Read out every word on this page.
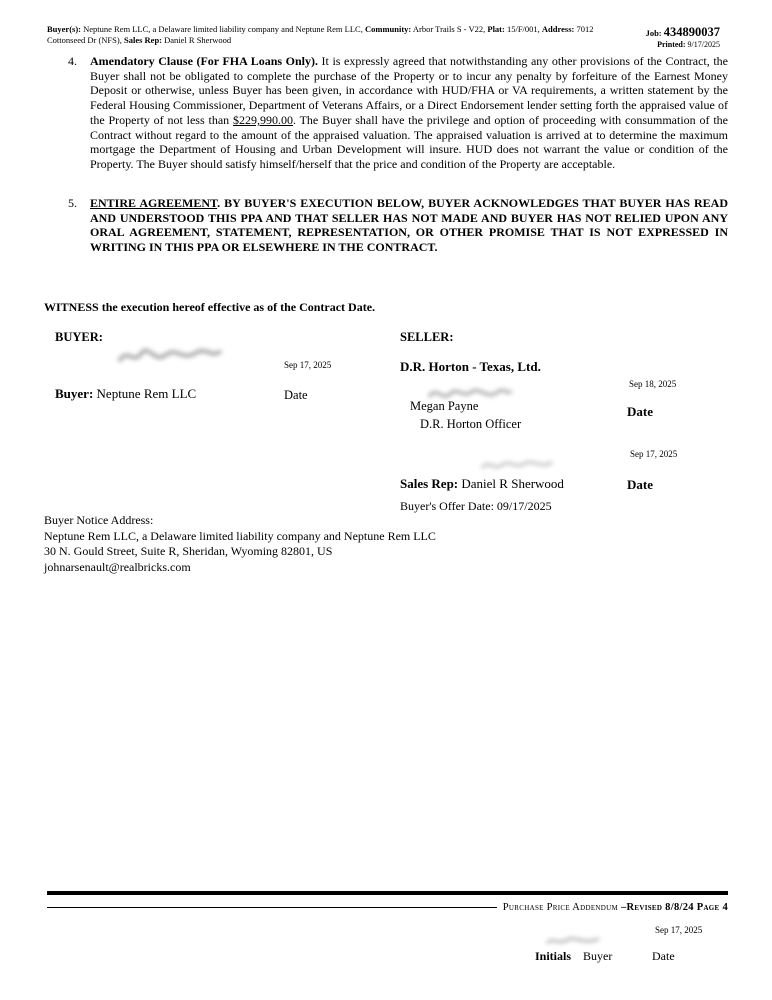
Buyer(s): Neptune Rem LLC, a Delaware limited liability company and Neptune Rem LLC, Community: Arbor Trails S - V22, Plat: 15/F/001, Address: 7012 Cottonseed Dr (NFS), Sales Rep: Daniel R Sherwood
Job: 434890037
Printed: 9/17/2025
4.	Amendatory Clause (For FHA Loans Only). It is expressly agreed that notwithstanding any other provisions of the Contract, the Buyer shall not be obligated to complete the purchase of the Property or to incur any penalty by forfeiture of the Earnest Money Deposit or otherwise, unless Buyer has been given, in accordance with HUD/FHA or VA requirements, a written statement by the Federal Housing Commissioner, Department of Veterans Affairs, or a Direct Endorsement lender setting forth the appraised value of the Property of not less than $229,990.00. The Buyer shall have the privilege and option of proceeding with consummation of the Contract without regard to the amount of the appraised valuation. The appraised valuation is arrived at to determine the maximum mortgage the Department of Housing and Urban Development will insure. HUD does not warrant the value or condition of the Property. The Buyer should satisfy himself/herself that the price and condition of the Property are acceptable.
5.	ENTIRE AGREEMENT. BY BUYER'S EXECUTION BELOW, BUYER ACKNOWLEDGES THAT BUYER HAS READ AND UNDERSTOOD THIS PPA AND THAT SELLER HAS NOT MADE AND BUYER HAS NOT RELIED UPON ANY ORAL AGREEMENT, STATEMENT, REPRESENTATION, OR OTHER PROMISE THAT IS NOT EXPRESSED IN WRITING IN THIS PPA OR ELSEWHERE IN THE CONTRACT.
WITNESS the execution hereof effective as of the Contract Date.
BUYER:
Sep 17, 2025
Buyer: Neptune Rem LLC	Date
SELLER:
D.R. Horton - Texas, Ltd.
Sep 18, 2025
Megan Payne	Date
D.R. Horton Officer
Sep 17, 2025
Sales Rep: Daniel R Sherwood	Date
Buyer's Offer Date: 09/17/2025
Buyer Notice Address:
Neptune Rem LLC, a Delaware limited liability company and Neptune Rem LLC
30 N. Gould Street, Suite R, Sheridan, Wyoming 82801, US
johnarsenault@realbricks.com
Purchase Price Addendum –Revised 8/8/24 Page 4
Sep 17, 2025
Initials Buyer	Date
